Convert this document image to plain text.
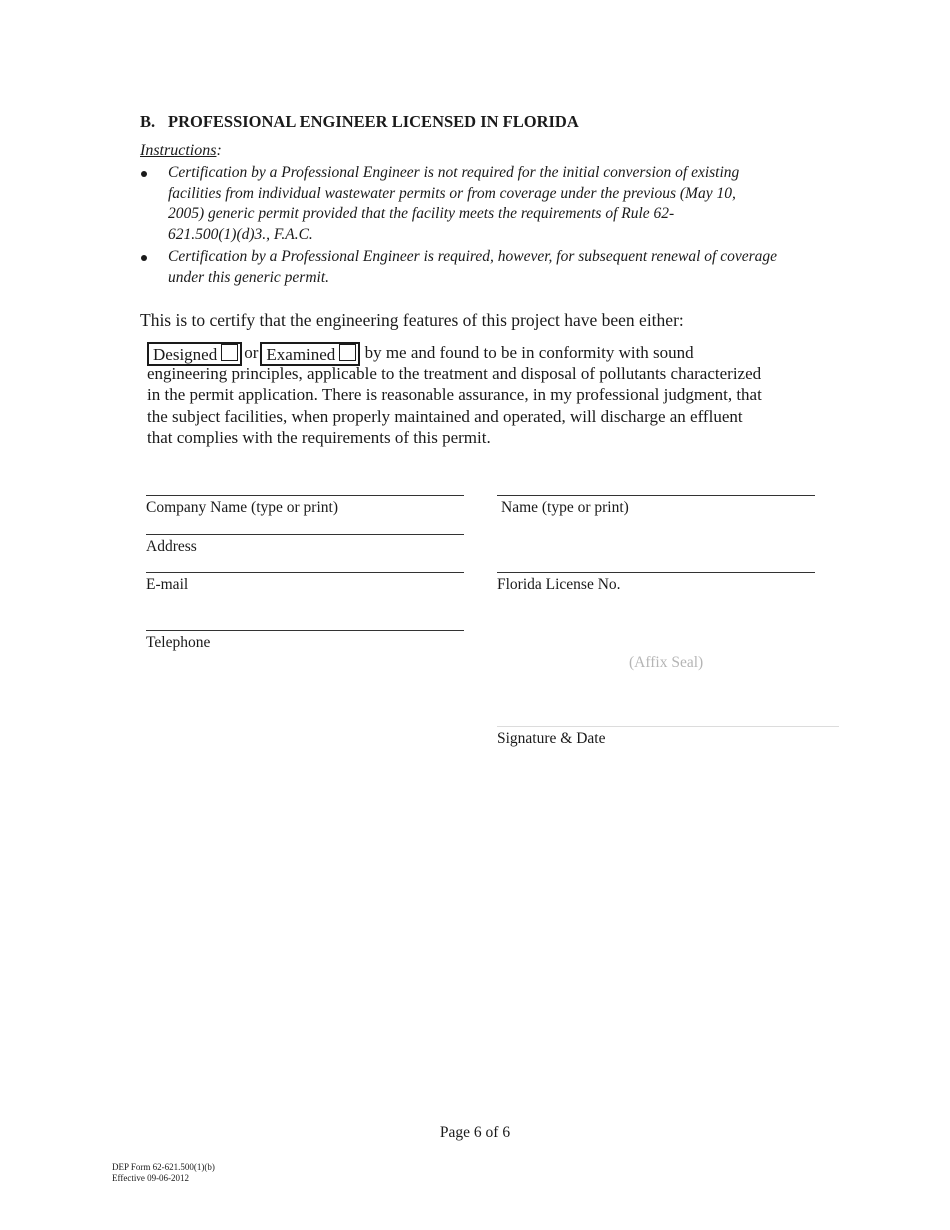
B. PROFESSIONAL ENGINEER LICENSED IN FLORIDA
Instructions:
Certification by a Professional Engineer is not required for the initial conversion of existing
facilities from individual wastewater permits or from coverage under the previous (May 10,
2005) generic permit provided that the facility meets the requirements of Rule 62-
621.500(1)(d)3., F.A.C.
Certification by a Professional Engineer is required, however, for subsequent renewal of coverage
under this generic permit.
This is to certify that the engineering features of this project have been either:
Designed or Examined by me and found to be in conformity with sound
engineering principles, applicable to the treatment and disposal of pollutants characterized
in the permit application. There is reasonable assurance, in my professional judgment, that
the subject facilities, when properly maintained and operated, will discharge an effluent
that complies with the requirements of this permit.
Company Name (type or print)
Address
E-mail
Telephone
Name (type or print)
Florida License No.
(Affix Seal)
Signature & Date
Page 6 of 6
DEP Form 62-621.500(1)(b)
Effective 09-06-2012
